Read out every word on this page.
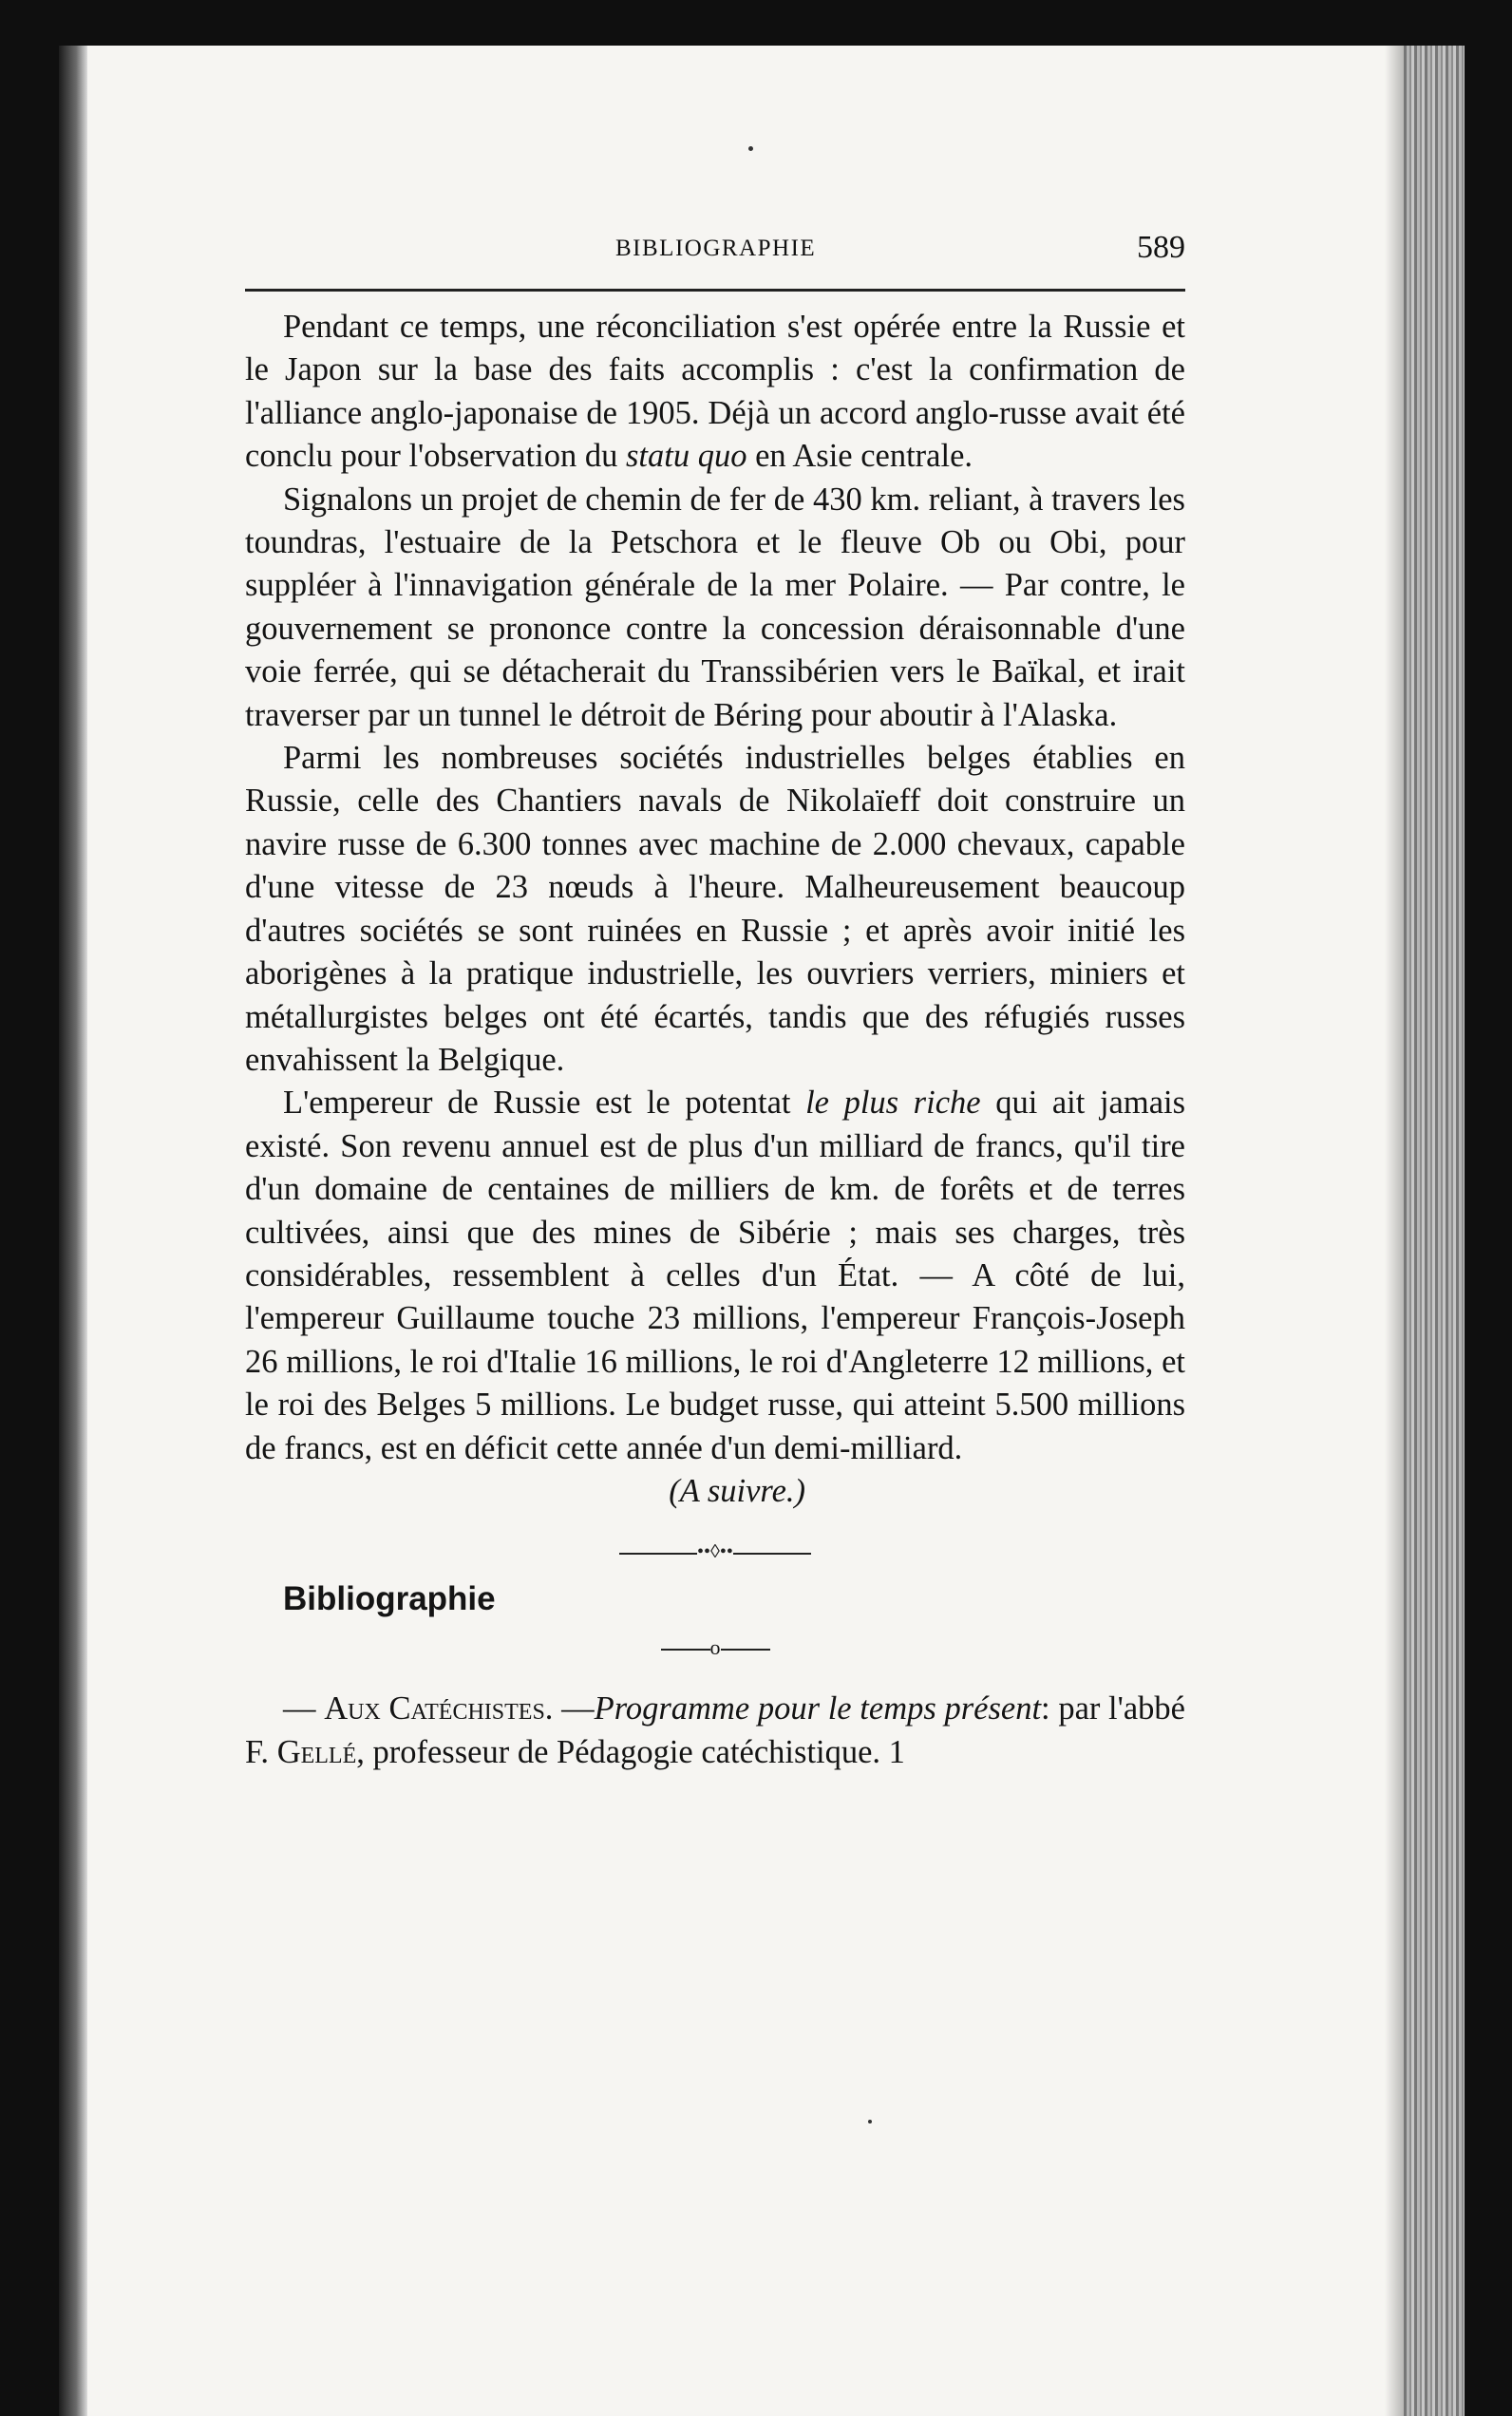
BIBLIOGRAPHIE	589

Pendant ce temps, une réconciliation s'est opérée entre la Russie et le Japon sur la base des faits accomplis : c'est la confirmation de l'alliance anglo-japonaise de 1905. Déjà un accord anglo-russe avait été conclu pour l'observation du statu quo en Asie centrale.

Signalons un projet de chemin de fer de 430 km. reliant, à travers les toundras, l'estuaire de la Petschora et le fleuve Ob ou Obi, pour suppléer à l'innavigation générale de la mer Polaire. — Par contre, le gouvernement se prononce contre la concession déraisonnable d'une voie ferrée, qui se détacherait du Transsibérien vers le Baïkal, et irait traverser par un tunnel le détroit de Béring pour aboutir à l'Alaska.

Parmi les nombreuses sociétés industrielles belges établies en Russie, celle des Chantiers navals de Nikolaïeff doit construire un navire russe de 6.300 tonnes avec machine de 2.000 chevaux, capable d'une vitesse de 23 nœuds à l'heure. Malheureusement beaucoup d'autres sociétés se sont ruinées en Russie ; et après avoir initié les aborigènes à la pratique industrielle, les ouvriers verriers, miniers et métallurgistes belges ont été écartés, tandis que des réfugiés russes envahissent la Belgique.

L'empereur de Russie est le potentat le plus riche qui ait jamais existé. Son revenu annuel est de plus d'un milliard de francs, qu'il tire d'un domaine de centaines de milliers de km. de forêts et de terres cultivées, ainsi que des mines de Sibérie ; mais ses charges, très considérables, ressemblent à celles d'un État. — A côté de lui, l'empereur Guillaume touche 23 millions, l'empereur François-Joseph 26 millions, le roi d'Italie 16 millions, le roi d'Angleterre 12 millions, et le roi des Belges 5 millions. Le budget russe, qui atteint 5.500 millions de francs, est en déficit cette année d'un demi-milliard.

(A suivre.)

••◊••

Bibliographie

o

— Aux Catéchistes. —Programme pour le temps présent: par l'abbé F. Gellé, professeur de Pédagogie catéchistique. 1
